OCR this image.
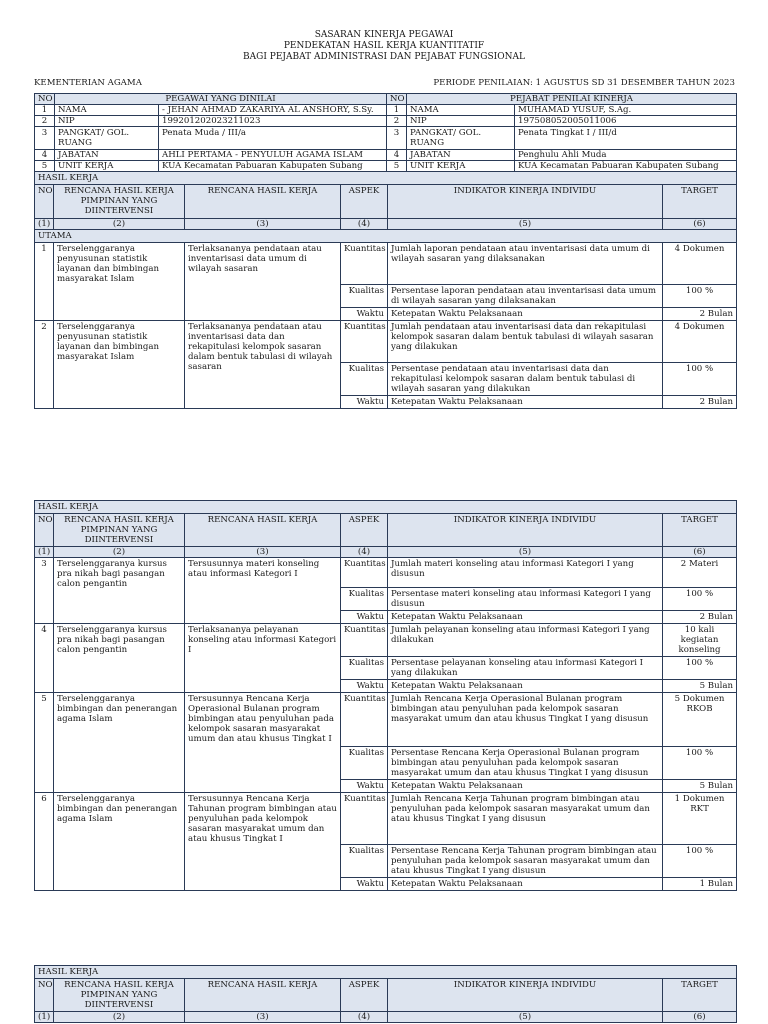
SASARAN KINERJA PEGAWAI
PENDEKATAN HASIL KERJA KUANTITATIF
BAGI PEJABAT ADMINISTRASI DAN PEJABAT FUNGSIONAL
KEMENTERIAN AGAMA	PERIODE PENILAIAN: 1 AGUSTUS SD 31 DESEMBER TAHUN 2023
NO	PEGAWAI YANG DINILAI		NO	PEJABAT PENILAI KINERJA	
1	NAMA	- JEHAN AHMAD ZAKARIYA AL ANSHORY, S.Sy.	1	NAMA	MUHAMAD YUSUF, S.Ag.
2	NIP	199201202023211023	2	NIP	197508052005011006
3	PANGKAT/ GOL. RUANG	Penata Muda / III/a	3	PANGKAT/ GOL. RUANG	Penata Tingkat I / III/d
4	JABATAN	AHLI PERTAMA - PENYULUH AGAMA ISLAM	4	JABATAN	Penghulu Ahli Muda
5	UNIT KERJA	KUA Kecamatan Pabuaran Kabupaten Subang	5	UNIT KERJA	KUA Kecamatan Pabuaran Kabupaten Subang
HASIL KERJA					
NO	RENCANA HASIL KERJA PIMPINAN YANG DIINTERVENSI	RENCANA HASIL KERJA	ASPEK	INDIKATOR KINERJA INDIVIDU	TARGET
(1)	(2)	(3)	(4)	(5)	(6)
UTAMA					
1	Terselenggaranya penyusunan statistik layanan dan bimbingan masyarakat Islam	Terlaksananya pendataan atau inventarisasi data umum di wilayah sasaran	Kuantitas	Jumlah laporan pendataan atau inventarisasi data umum di wilayah sasaran yang dilaksanakan	4 Dokumen
			Kualitas	Persentase laporan pendataan atau inventarisasi data umum di wilayah sasaran yang dilaksanakan	100 %
			Waktu	Ketepatan Waktu Pelaksanaan	2 Bulan
2	Terselenggaranya penyusunan statistik layanan dan bimbingan masyarakat Islam	Terlaksananya pendataan atau inventarisasi data dan rekapitulasi kelompok sasaran dalam bentuk tabulasi di wilayah sasaran	Kuantitas	Jumlah pendataan atau inventarisasi data dan rekapitulasi kelompok sasaran dalam bentuk tabulasi di wilayah sasaran yang dilakukan	4 Dokumen
			Kualitas	Persentase pendataan atau inventarisasi data dan rekapitulasi kelompok sasaran dalam bentuk tabulasi di wilayah sasaran yang dilakukan	100 %
			Waktu	Ketepatan Waktu Pelaksanaan	2 Bulan
HASIL KERJA					
NO	RENCANA HASIL KERJA PIMPINAN YANG DIINTERVENSI	RENCANA HASIL KERJA	ASPEK	INDIKATOR KINERJA INDIVIDU	TARGET
(1)	(2)	(3)	(4)	(5)	(6)
3	Terselenggaranya kursus pra nikah bagi pasangan calon pengantin	Tersusunnya materi konseling atau informasi Kategori I	Kuantitas	Jumlah materi konseling atau informasi Kategori I yang disusun	2 Materi
			Kualitas	Persentase materi konseling atau informasi Kategori I yang disusun	100 %
			Waktu	Ketepatan Waktu Pelaksanaan	2 Bulan
4	Terselenggaranya kursus pra nikah bagi pasangan calon pengantin	Terlaksananya pelayanan konseling atau informasi Kategori I	Kuantitas	Jumlah pelayanan konseling atau informasi Kategori I yang dilakukan	10 kali kegiatan konseling
			Kualitas	Persentase pelayanan konseling atau informasi Kategori I yang dilakukan	100 %
			Waktu	Ketepatan Waktu Pelaksanaan	5 Bulan
5	Terselenggaranya bimbingan dan penerangan agama Islam	Tersusunnya Rencana Kerja Operasional Bulanan program bimbingan atau penyuluhan pada kelompok sasaran masyarakat umum dan atau khusus Tingkat I	Kuantitas	Jumlah Rencana Kerja Operasional Bulanan program bimbingan atau penyuluhan pada kelompok sasaran masyarakat umum dan atau khusus Tingkat I yang disusun	5 Dokumen RKOB
			Kualitas	Persentase Rencana Kerja Operasional Bulanan program bimbingan atau penyuluhan pada kelompok sasaran masyarakat umum dan atau khusus Tingkat I yang disusun	100 %
			Waktu	Ketepatan Waktu Pelaksanaan	5 Bulan
6	Terselenggaranya bimbingan dan penerangan agama Islam	Tersusunnya Rencana Kerja Tahunan program bimbingan atau penyuluhan pada kelompok sasaran masyarakat umum dan atau khusus Tingkat I	Kuantitas	Jumlah Rencana Kerja Tahunan program bimbingan atau penyuluhan pada kelompok sasaran masyarakat umum dan atau khusus Tingkat I yang disusun	1 Dokumen RKT
			Kualitas	Persentase Rencana Kerja Tahunan program bimbingan atau penyuluhan pada kelompok sasaran masyarakat umum dan atau khusus Tingkat I yang disusun	100 %
			Waktu	Ketepatan Waktu Pelaksanaan	1 Bulan
HASIL KERJA					
NO	RENCANA HASIL KERJA PIMPINAN YANG DIINTERVENSI	RENCANA HASIL KERJA	ASPEK	INDIKATOR KINERJA INDIVIDU	TARGET
(1)	(2)	(3)	(4)	(5)	(6)
